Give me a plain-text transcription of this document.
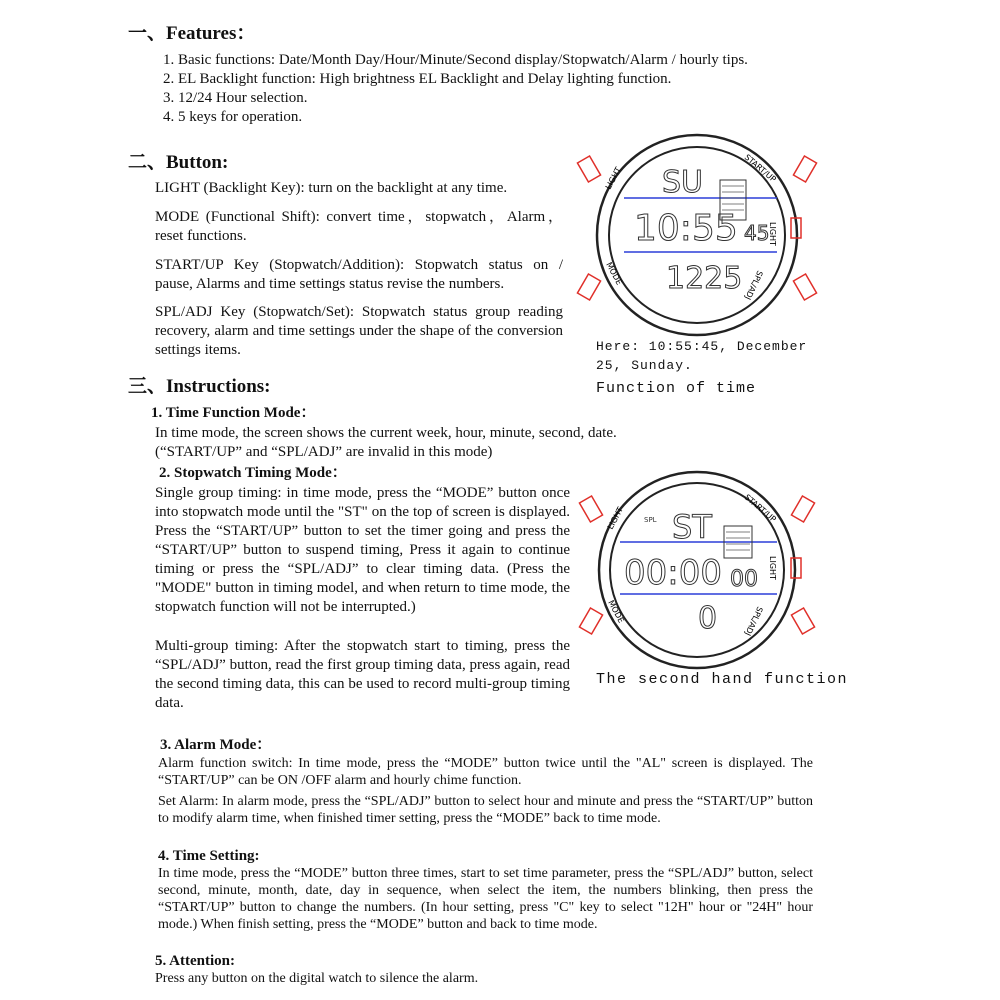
一、Features：
1. Basic functions: Date/Month Day/Hour/Minute/Second display/Stopwatch/Alarm / hourly tips.
2. EL Backlight function: High brightness EL Backlight and Delay lighting function.
3. 12/24 Hour selection.
4. 5 keys for operation.
二、Button:
LIGHT (Backlight Key): turn on the backlight at any time.
MODE (Functional Shift): convert time，stopwatch，Alarm，reset functions.
START/UP Key (Stopwatch/Addition): Stopwatch status on / pause, Alarms and time settings status revise the numbers.
SPL/ADJ Key (Stopwatch/Set): Stopwatch status group reading recovery, alarm and time settings under the shape of the conversion settings items.
LIGHT	START/UP
LIGHT
MODE	SPL/ADJ
SU
10:55 45
1225
Here: 10:55:45, December
25, Sunday.
Function of time
三、Instructions:
1. Time Function Mode：
In time mode, the screen shows the current week, hour, minute, second, date.
(“START/UP” and “SPL/ADJ” are invalid in this mode)
2. Stopwatch Timing Mode：
Single group timing: in time mode, press the “MODE” button once into stopwatch mode until the "ST" on the top of screen is displayed. Press the “START/UP” button to set the timer going and press the “START/UP” button to suspend timing, Press it again to continue timing or press the “SPL/ADJ” to clear timing data. (Press the "MODE" button in timing model, and when return to time mode, the stopwatch function will not be interrupted.)
Multi-group timing: After the stopwatch start to timing, press the “SPL/ADJ” button, read the first group timing data, press again, read the second timing data, this can be used to record multi-group timing data.
LIGHT	START/UP
LIGHT
MODE	SPL/ADJ
ST
00:00 00
0
SPL
The second hand function
3. Alarm Mode：
Alarm function switch: In time mode, press the “MODE” button twice until the "AL" screen is displayed. The “START/UP” can be ON /OFF alarm and hourly chime function.
Set Alarm: In alarm mode, press the “SPL/ADJ” button to select hour and minute and press the “START/UP” button to modify alarm time, when finished timer setting, press the “MODE” back to time mode.
4. Time Setting:
In time mode, press the “MODE” button three times, start to set time parameter, press the “SPL/ADJ” button, select second, minute, month, date, day in sequence, when select the item, the numbers blinking, then press the “START/UP” button to change the numbers. (In hour setting, press "C" key to select "12H" hour or "24H" hour mode.) When finish setting, press the “MODE” button and back to time mode.
5. Attention:
Press any button on the digital watch to silence the alarm.
